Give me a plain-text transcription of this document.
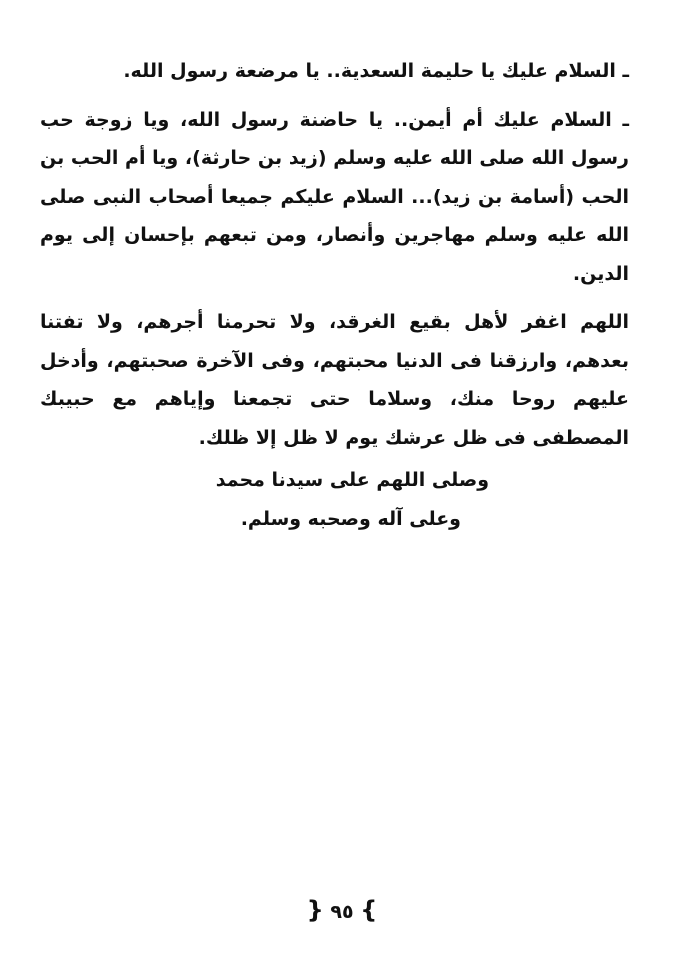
ـ السلام عليك يا حليمة السعدية.. يا مرضعة رسول الله.

ـ السلام عليك أم أيمن.. يا حاضنة رسول الله، ويا زوجة حب رسول الله صلى الله عليه وسلم (زيد بن حارثة)، ويا أم الحب بن الحب (أسامة بن زيد)... السلام عليكم جميعا أصحاب النبى صلى الله عليه وسلم مهاجرين وأنصار، ومن تبعهم بإحسان إلى يوم الدين.

اللهم اغفر لأهل بقيع الغرقد، ولا تحرمنا أجرهم، ولا تفتنا بعدهم، وارزقنا فى الدنيا محبتهم، وفى الآخرة صحبتهم، وأدخل عليهم روحا منك، وسلاما حتى تجمعنا وإياهم مع حبيبك المصطفى فى ظل عرشك يوم لا ظل إلا ظلك.

وصلى اللهم على سيدنا محمد
وعلى آله وصحبه وسلم.
} ٩٥ {
